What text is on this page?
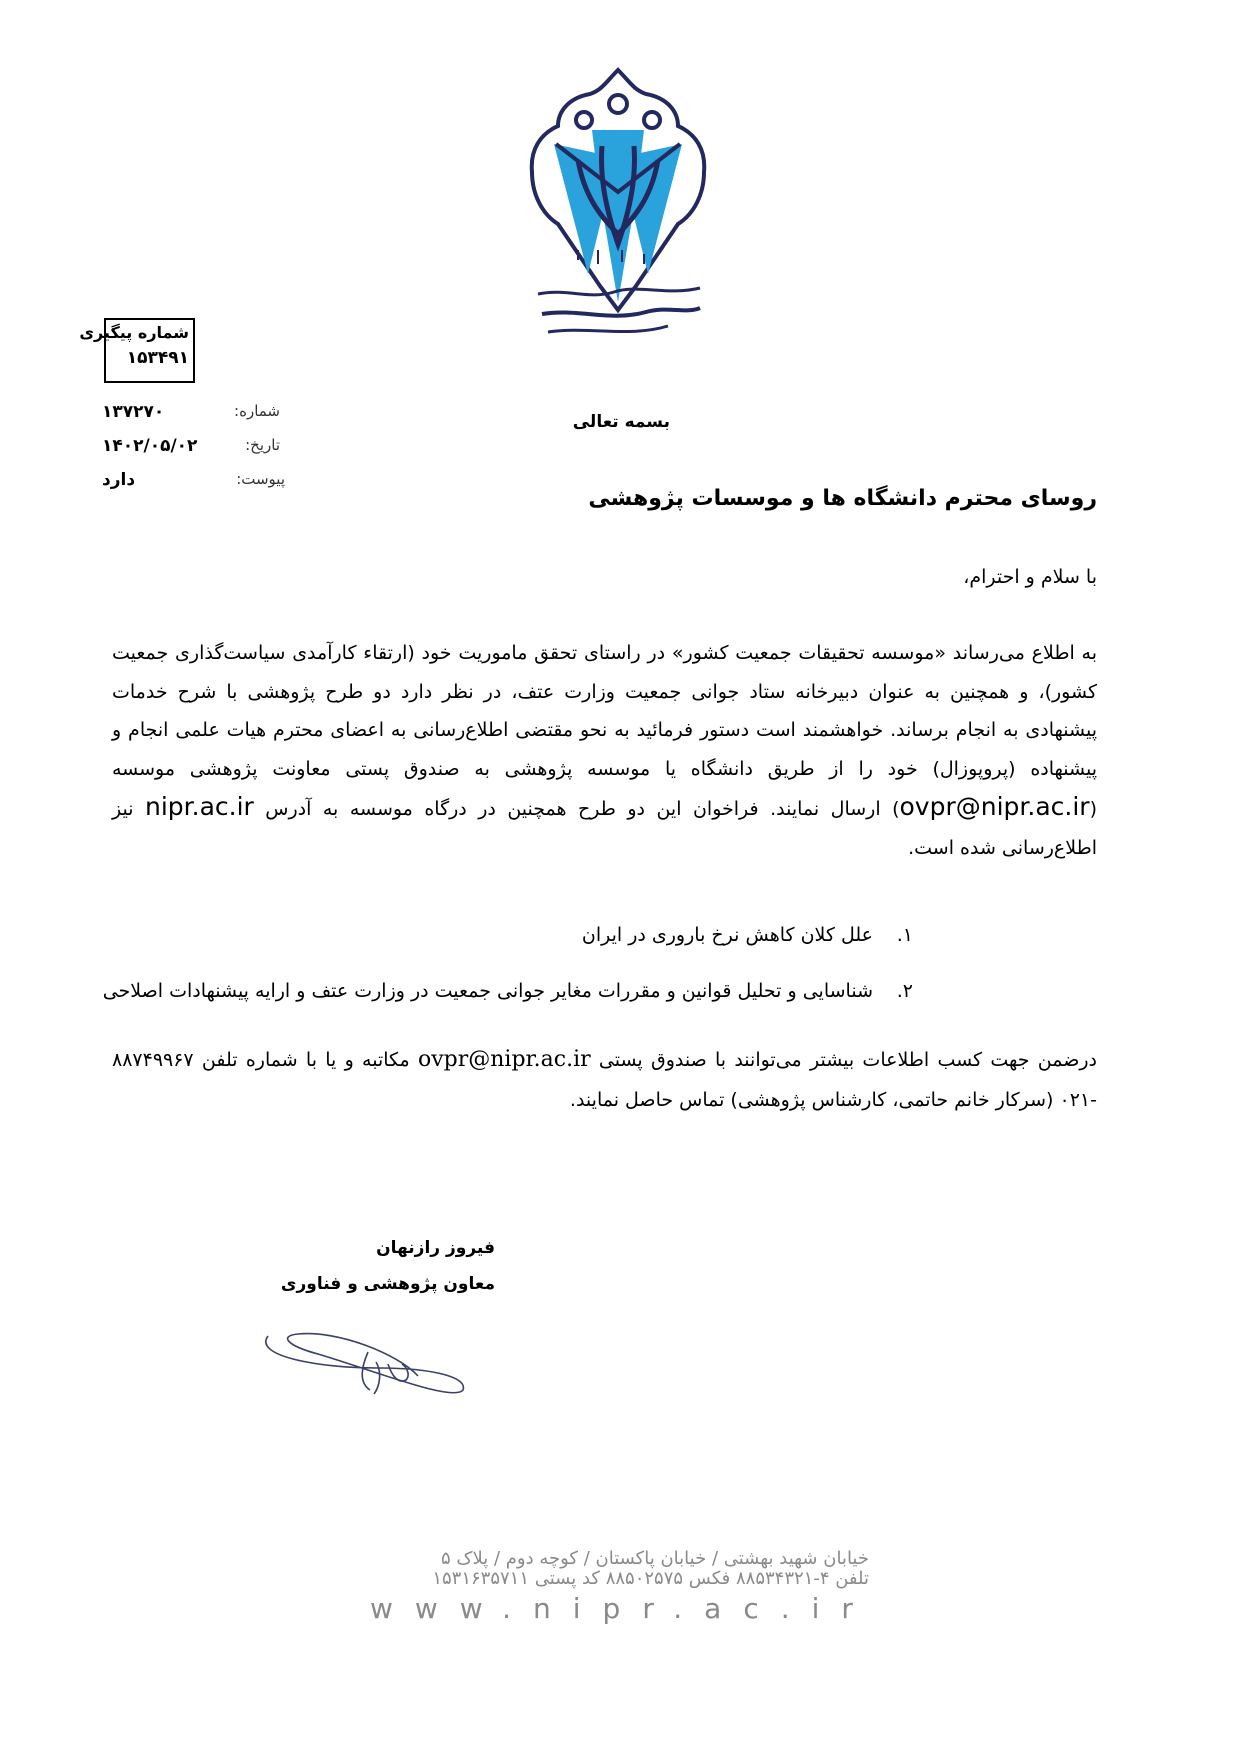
شماره پیگیری
۱۵۳۴۹۱
شماره:
۱۳۷۲۷۰
تاریخ:
۱۴۰۲/۰۵/۰۲
پیوست:
دارد
بسمه تعالی
روسای محترم دانشگاه ها و موسسات پژوهشی
با سلام و احترام،
به اطلاع می‌رساند «موسسه تحقیقات جمعیت کشور» در راستای تحقق ماموریت خود (ارتقاء کارآمدی سیاست‌گذاری جمعیت کشور)، و همچنین به عنوان دبیرخانه ستاد جوانی جمعیت وزارت عتف، در نظر دارد دو طرح پژوهشی با شرح خدمات پیشنهادی به انجام برساند. خواهشمند است دستور فرمائید به نحو مقتضی اطلاع‌رسانی به اعضای محترم هیات علمی انجام و پیشنهاده (پروپوزال) خود را از طریق دانشگاه یا موسسه پژوهشی به صندوق پستی معاونت پژوهشی موسسه (ovpr@nipr.ac.ir) ارسال نمایند. فراخوان این دو طرح همچنین در درگاه موسسه به آدرس nipr.ac.ir نیز اطلاع‌رسانی شده است.
۱.علل کلان کاهش نرخ باروری در ایران
۲.شناسایی و تحلیل قوانین و مقررات مغایر جوانی جمعیت در وزارت عتف و ارایه پیشنهادات اصلاحی
درضمن جهت کسب اطلاعات بیشتر می‌توانند با صندوق پستی ovpr@nipr.ac.ir مکاتبه و یا با شماره تلفن ۸۸۷۴۹۹۶۷ -۰۲۱ (سرکار خانم حاتمی، کارشناس پژوهشی) تماس حاصل نمایند.
فیروز رازنهان
معاون پژوهشی و فناوری
خیابان شهید بهشتی / خیابان پاکستان / کوچه دوم / پلاک ۵
تلفن ۴-۸۸۵۳۴۳۲۱ فکس ۸۸۵۰۲۵۷۵ کد پستی ۱۵۳۱۶۳۵۷۱۱
www.nipr.ac.ir
